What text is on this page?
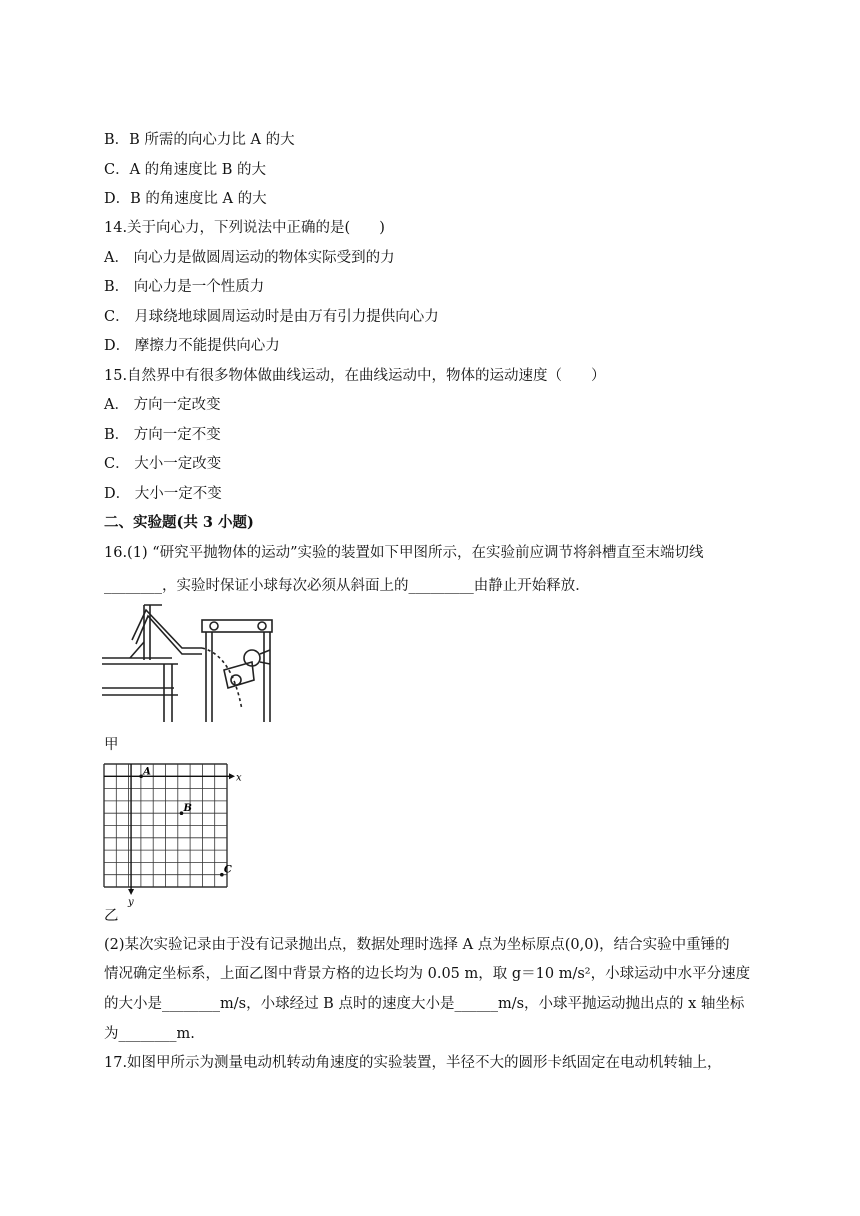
B．B 所需的向心力比 A 的大
C．A 的角速度比 B 的大
D．B 的角速度比 A 的大
14.关于向心力，下列说法中正确的是(　　)
A． 向心力是做圆周运动的物体实际受到的力
B． 向心力是一个性质力
C． 月球绕地球圆周运动时是由万有引力提供向心力
D． 摩擦力不能提供向心力
15.自然界中有很多物体做曲线运动，在曲线运动中，物体的运动速度（　　）
A． 方向一定改变
B． 方向一定不变
C． 大小一定改变
D． 大小一定不变
二、实验题(共 3 小题)
16.(1) “研究平抛物体的运动”实验的装置如下甲图所示，在实验前应调节将斜槽直至末端切线
________，实验时保证小球每次必须从斜面上的_________由静止开始释放．
甲
x
y
A
B
C
乙
(2)某次实验记录由于没有记录抛出点，数据处理时选择 A 点为坐标原点(0,0)，结合实验中重锤的
情况确定坐标系，上面乙图中背景方格的边长均为 0.05 m，取 g＝10 m/s²，小球运动中水平分速度
的大小是________m/s，小球经过 B 点时的速度大小是______m/s，小球平抛运动抛出点的 x 轴坐标
为________m.
17.如图甲所示为测量电动机转动角速度的实验装置，半径不大的圆形卡纸固定在电动机转轴上，
